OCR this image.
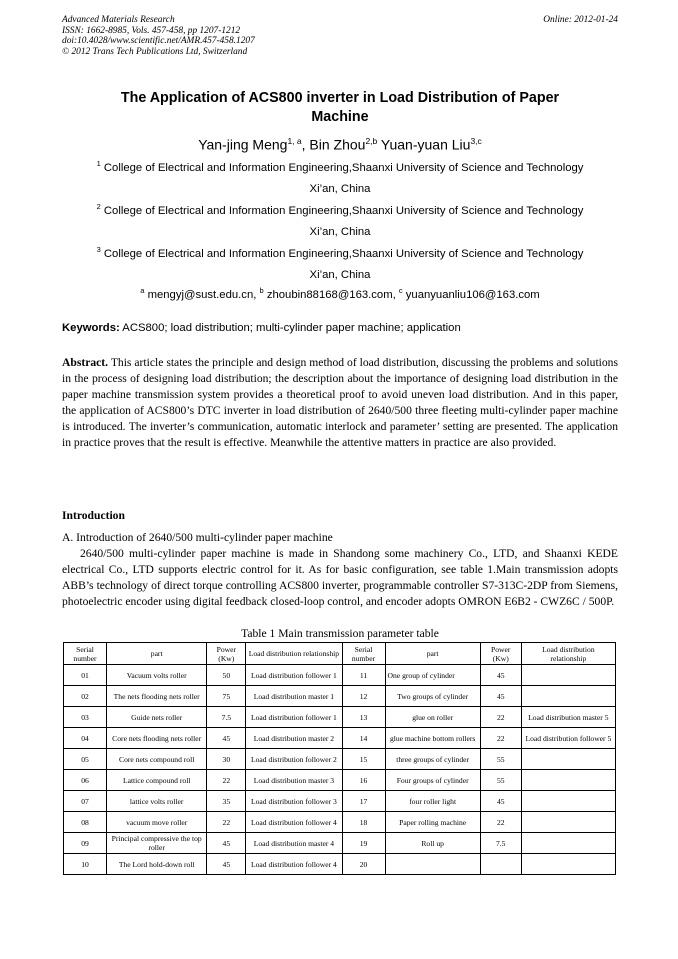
Advanced Materials Research
ISSN: 1662-8985, Vols. 457-458, pp 1207-1212
doi:10.4028/www.scientific.net/AMR.457-458.1207
© 2012 Trans Tech Publications Ltd, Switzerland
Online: 2012-01-24
The Application of ACS800 inverter in Load Distribution of Paper
Machine
Yan-jing Meng$^{1, a}$, Bin Zhou$^{2,b}$ Yuan-yuan Liu$^{3,c}$
$^1$ College of Electrical and Information Engineering,Shaanxi University of Science and Technology
Xi’an, China
$^2$ College of Electrical and Information Engineering,Shaanxi University of Science and Technology
Xi’an, China
$^3$ College of Electrical and Information Engineering,Shaanxi University of Science and Technology
Xi’an, China
$^a$ mengyj@sust.edu.cn, $^b$ zhoubin88168@163.com, $^c$ yuanyuanliu106@163.com
Keywords: ACS800; load distribution; multi-cylinder paper machine; application
Abstract. This article states the principle and design method of load distribution, discussing the problems and solutions in the process of designing load distribution; the description about the importance of designing load distribution in the paper machine transmission system provides a theoretical proof to avoid uneven load distribution. And in this paper, the application of ACS800’s DTC inverter in load distribution of 2640/500 three fleeting multi-cylinder paper machine is introduced. The inverter’s communication, automatic interlock and parameter’ setting are presented. The application in practice proves that the result is effective. Meanwhile the attentive matters in practice are also provided.
Introduction
A. Introduction of 2640/500 multi-cylinder paper machine
2640/500 multi-cylinder paper machine is made in Shandong some machinery Co., LTD, and Shaanxi KEDE electrical Co., LTD supports electric control for it. As for basic configuration, see table 1.Main transmission adopts ABB’s technology of direct torque controlling ACS800 inverter, programmable controller S7-313C-2DP from Siemens, photoelectric encoder using digital feedback closed-loop control, and encoder adopts OMRON E6B2 - CWZ6C / 500P.
Table 1 Main transmission parameter table
Serial number	part	Power (Kw)	Load distribution relationship	Serial number	part	Power (Kw)	Load distribution relationship
01	Vacuum volts roller	50	Load distribution follower 1	11	One group of cylinder	45	
02	The nets flooding nets roller	75	Load distribution master 1	12	Two groups of cylinder	45	
03	Guide nets roller	7.5	Load distribution follower 1	13	glue on roller	22	Load distribution master 5
04	Core nets flooding nets roller	45	Load distribution master 2	14	glue machine bottom rollers	22	Load distribution follower 5
05	Core nets compound roll	30	Load distribution follower 2	15	three groups of cylinder	55	
06	Lattice compound roll	22	Load distribution master 3	16	Four groups of cylinder	55	
07	lattice volts roller	35	Load distribution follower 3	17	four roller light	45	
08	vacuum move roller	22	Load distribution follower 4	18	Paper rolling machine	22	
09	Principal compressive the top roller	45	Load distribution master 4	19	Roll up	7.5	
10	The Lord hold-down roll	45	Load distribution follower 4	20			
